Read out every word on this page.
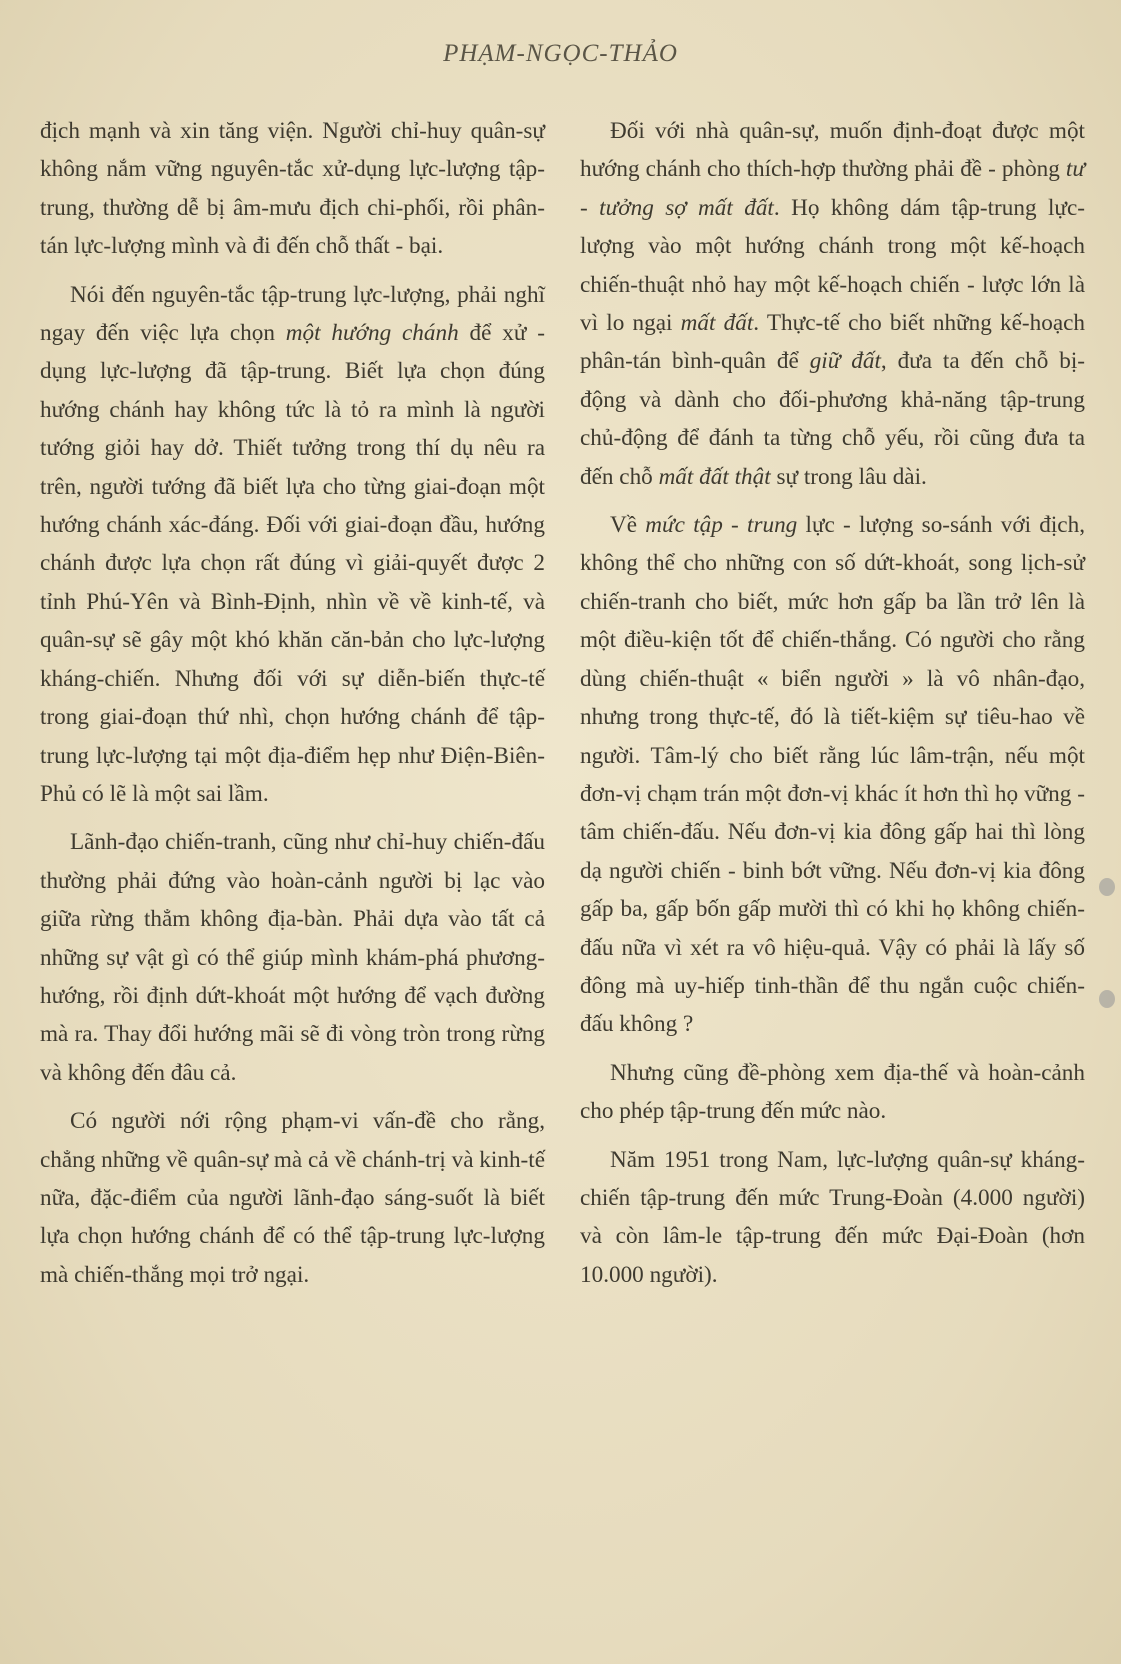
PHẠM-NGỌC-THẢO

địch mạnh và xin tăng viện. Người chỉ-huy quân-sự không nắm vững nguyên-tắc xử-dụng lực-lượng tập-trung, thường dễ bị âm-mưu địch chi-phối, rồi phân-tán lực-lượng mình và đi đến chỗ thất - bại.

Nói đến nguyên-tắc tập-trung lực-lượng, phải nghĩ ngay đến việc lựa chọn một hướng chánh để xử - dụng lực-lượng đã tập-trung. Biết lựa chọn đúng hướng chánh hay không tức là tỏ ra mình là người tướng giỏi hay dở. Thiết tưởng trong thí dụ nêu ra trên, người tướng đã biết lựa cho từng giai-đoạn một hướng chánh xác-đáng. Đối với giai-đoạn đầu, hướng chánh được lựa chọn rất đúng vì giải-quyết được 2 tỉnh Phú-Yên và Bình-Định, nhìn về về kinh-tế, và quân-sự sẽ gây một khó khăn căn-bản cho lực-lượng kháng-chiến. Nhưng đối với sự diễn-biến thực-tế trong giai-đoạn thứ nhì, chọn hướng chánh để tập-trung lực-lượng tại một địa-điểm hẹp như Điện-Biên-Phủ có lẽ là một sai lầm.

Lãnh-đạo chiến-tranh, cũng như chỉ-huy chiến-đấu thường phải đứng vào hoàn-cảnh người bị lạc vào giữa rừng thẳm không địa-bàn. Phải dựa vào tất cả những sự vật gì có thể giúp mình khám-phá phương-hướng, rồi định dứt-khoát một hướng để vạch đường mà ra. Thay đổi hướng mãi sẽ đi vòng tròn trong rừng và không đến đâu cả.

Có người nới rộng phạm-vi vấn-đề cho rằng, chẳng những về quân-sự mà cả về chánh-trị và kinh-tế nữa, đặc-điểm của người lãnh-đạo sáng-suốt là biết lựa chọn hướng chánh để có thể tập-trung lực-lượng mà chiến-thắng mọi trở ngại.

Đối với nhà quân-sự, muốn định-đoạt được một hướng chánh cho thích-hợp thường phải đề - phòng tư - tưởng sợ mất đất. Họ không dám tập-trung lực-lượng vào một hướng chánh trong một kế-hoạch chiến-thuật nhỏ hay một kế-hoạch chiến - lược lớn là vì lo ngại mất đất. Thực-tế cho biết những kế-hoạch phân-tán bình-quân để giữ đất, đưa ta đến chỗ bị-động và dành cho đối-phương khả-năng tập-trung chủ-động để đánh ta từng chỗ yếu, rồi cũng đưa ta đến chỗ mất đất thật sự trong lâu dài.

Về mức tập - trung lực - lượng so-sánh với địch, không thể cho những con số dứt-khoát, song lịch-sử chiến-tranh cho biết, mức hơn gấp ba lần trở lên là một điều-kiện tốt để chiến-thắng. Có người cho rằng dùng chiến-thuật « biển người » là vô nhân-đạo, nhưng trong thực-tế, đó là tiết-kiệm sự tiêu-hao về người. Tâm-lý cho biết rằng lúc lâm-trận, nếu một đơn-vị chạm trán một đơn-vị khác ít hơn thì họ vững - tâm chiến-đấu. Nếu đơn-vị kia đông gấp hai thì lòng dạ người chiến - binh bớt vững. Nếu đơn-vị kia đông gấp ba, gấp bốn gấp mười thì có khi họ không chiến-đấu nữa vì xét ra vô hiệu-quả. Vậy có phải là lấy số đông mà uy-hiếp tinh-thần để thu ngắn cuộc chiến-đấu không ?

Nhưng cũng đề-phòng xem địa-thế và hoàn-cảnh cho phép tập-trung đến mức nào.

Năm 1951 trong Nam, lực-lượng quân-sự kháng-chiến tập-trung đến mức Trung-Đoàn (4.000 người) và còn lâm-le tập-trung đến mức Đại-Đoàn (hơn 10.000 người).
